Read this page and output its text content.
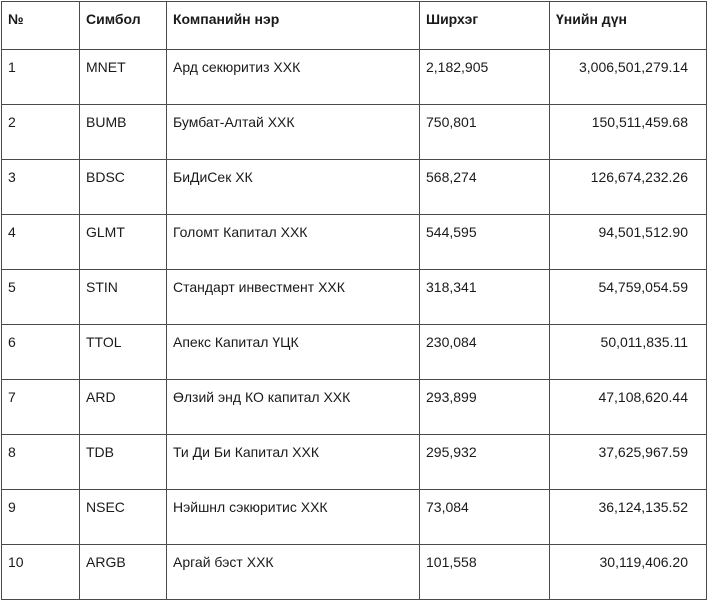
№	Симбол	Компанийн нэр	Ширхэг	Үнийн дүн
1	MNET	Ард секюритиз ХХК	2,182,905	3,006,501,279.14
2	BUMB	Бумбат-Алтай ХХК	750,801	150,511,459.68
3	BDSC	БиДиСек ХК	568,274	126,674,232.26
4	GLMT	Голомт Капитал ХХК	544,595	94,501,512.90
5	STIN	Стандарт инвестмент ХХК	318,341	54,759,054.59
6	TTOL	Апекс Капитал ҮЦК	230,084	50,011,835.11
7	ARD	Өлзий энд КО капитал ХХК	293,899	47,108,620.44
8	TDB	Ти Ди Би Капитал ХХК	295,932	37,625,967.59
9	NSEC	Нэйшнл сэкюритис ХХК	73,084	36,124,135.52
10	ARGB	Аргай бэст ХХК	101,558	30,119,406.20
